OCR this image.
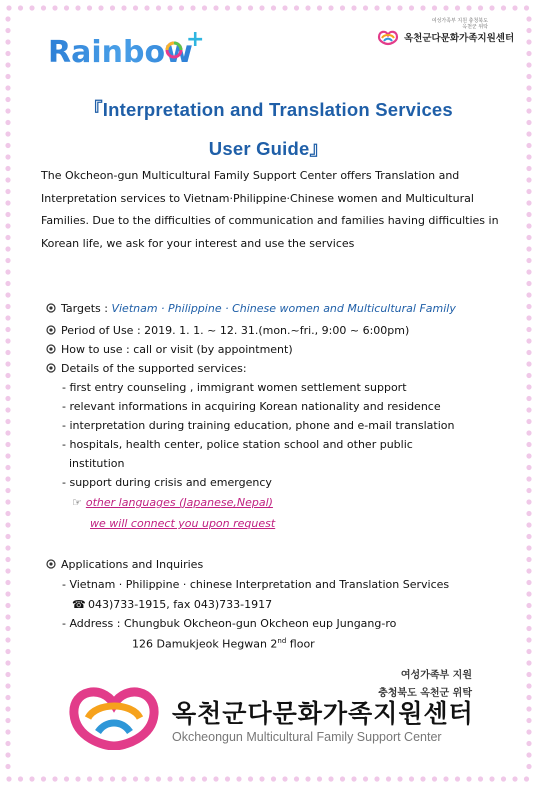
Rainbow
+
여성가족부 지원 충청북도 옥천군 위탁
옥천군다문화가족지원센터
『Interpretation and Translation Services
User Guide』
The Okcheon-gun Multicultural Family Support Center offers Translation and Interpretation services to Vietnam·Philippine·Chinese women and Multicultural Families. Due to the difficulties of communication and families having difficulties in Korean life, we ask for your interest and use the services
Targets : Vietnam · Philippine · Chinese women and Multicultural Family
Period of Use : 2019. 1. 1. ~ 12. 31.(mon.~fri., 9:00 ~ 6:00pm)
How to use : call or visit (by appointment)
Details of the supported services:
- first entry counseling , immigrant women settlement support
- relevant informations in acquiring Korean nationality and residence
- interpretation during training education, phone and e-mail translation
- hospitals, health center, police station school and other public
institution
- support during crisis and emergency
☞ other languages (Japanese,Nepal)
we will connect you upon request
Applications and Inquiries
- Vietnam · Philippine · chinese Interpretation and Translation Services
☎ 043)733-1915, fax 043)733-1917
- Address : Chungbuk Okcheon-gun Okcheon eup Jungang-ro
126 Damukjeok Hegwan 2nd floor
여성가족부 지원
충청북도 옥천군 위탁
옥천군다문화가족지원센터
Okcheongun Multicultural Family Support Center
